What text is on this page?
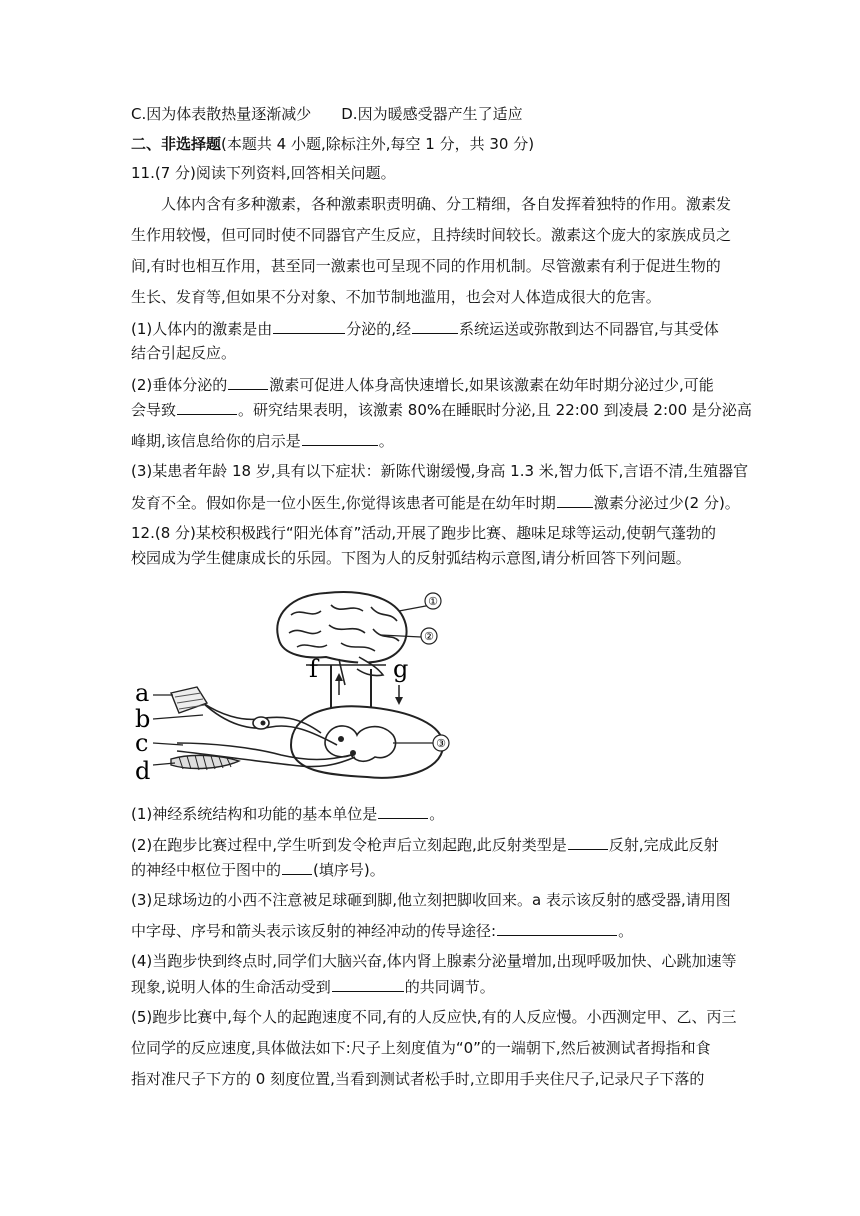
C.因为体表散热量逐渐减少 D.因为暖感受器产生了适应
二、非选择题(本题共 4 小题,除标注外,每空 1 分，共 30 分)
11.(7 分)阅读下列资料,回答相关问题。
人体内含有多种激素，各种激素职责明确、分工精细，各自发挥着独特的作用。激素发
生作用较慢，但可同时使不同器官产生反应，且持续时间较长。激素这个庞大的家族成员之
间,有时也相互作用，甚至同一激素也可呈现不同的作用机制。尽管激素有利于促进生物的
生长、发育等,但如果不分对象、不加节制地滥用，也会对人体造成很大的危害。
(1)人体内的激素是由	分泌的,经	系统运送或弥散到达不同器官,与其受体
结合引起反应。
(2)垂体分泌的	激素可促进人体身高快速增长,如果该激素在幼年时期分泌过少,可能
会导致	。研究结果表明，该激素 80%在睡眠时分泌,且 22:00 到凌晨 2:00 是分泌高
峰期,该信息给你的启示是	。
(3)某患者年龄 18 岁,具有以下症状：新陈代谢缓慢,身高 1.3 米,智力低下,言语不清,生殖器官
发育不全。假如你是一位小医生,你觉得该患者可能是在幼年时期	激素分泌过少(2 分)。
12.(8 分)某校积极践行“阳光体育”活动,开展了跑步比赛、趣味足球等运动,使朝气蓬勃的
校园成为学生健康成长的乐园。下图为人的反射弧结构示意图,请分析回答下列问题。
①
②
f	g
③
a
b
c
d
(1)神经系统结构和功能的基本单位是	。
(2)在跑步比赛过程中,学生听到发令枪声后立刻起跑,此反射类型是	反射,完成此反射
的神经中枢位于图中的 (填序号)。
(3)足球场边的小西不注意被足球砸到脚,他立刻把脚收回来。a 表示该反射的感受器,请用图
中字母、序号和箭头表示该反射的神经冲动的传导途径:	。
(4)当跑步快到终点时,同学们大脑兴奋,体内肾上腺素分泌量增加,出现呼吸加快、心跳加速等
现象,说明人体的生命活动受到	的共同调节。
(5)跑步比赛中,每个人的起跑速度不同,有的人反应快,有的人反应慢。小西测定甲、乙、丙三
位同学的反应速度,具体做法如下:尺子上刻度值为“0”的一端朝下,然后被测试者拇指和食
指对准尺子下方的 0 刻度位置,当看到测试者松手时,立即用手夹住尺子,记录尺子下落的
